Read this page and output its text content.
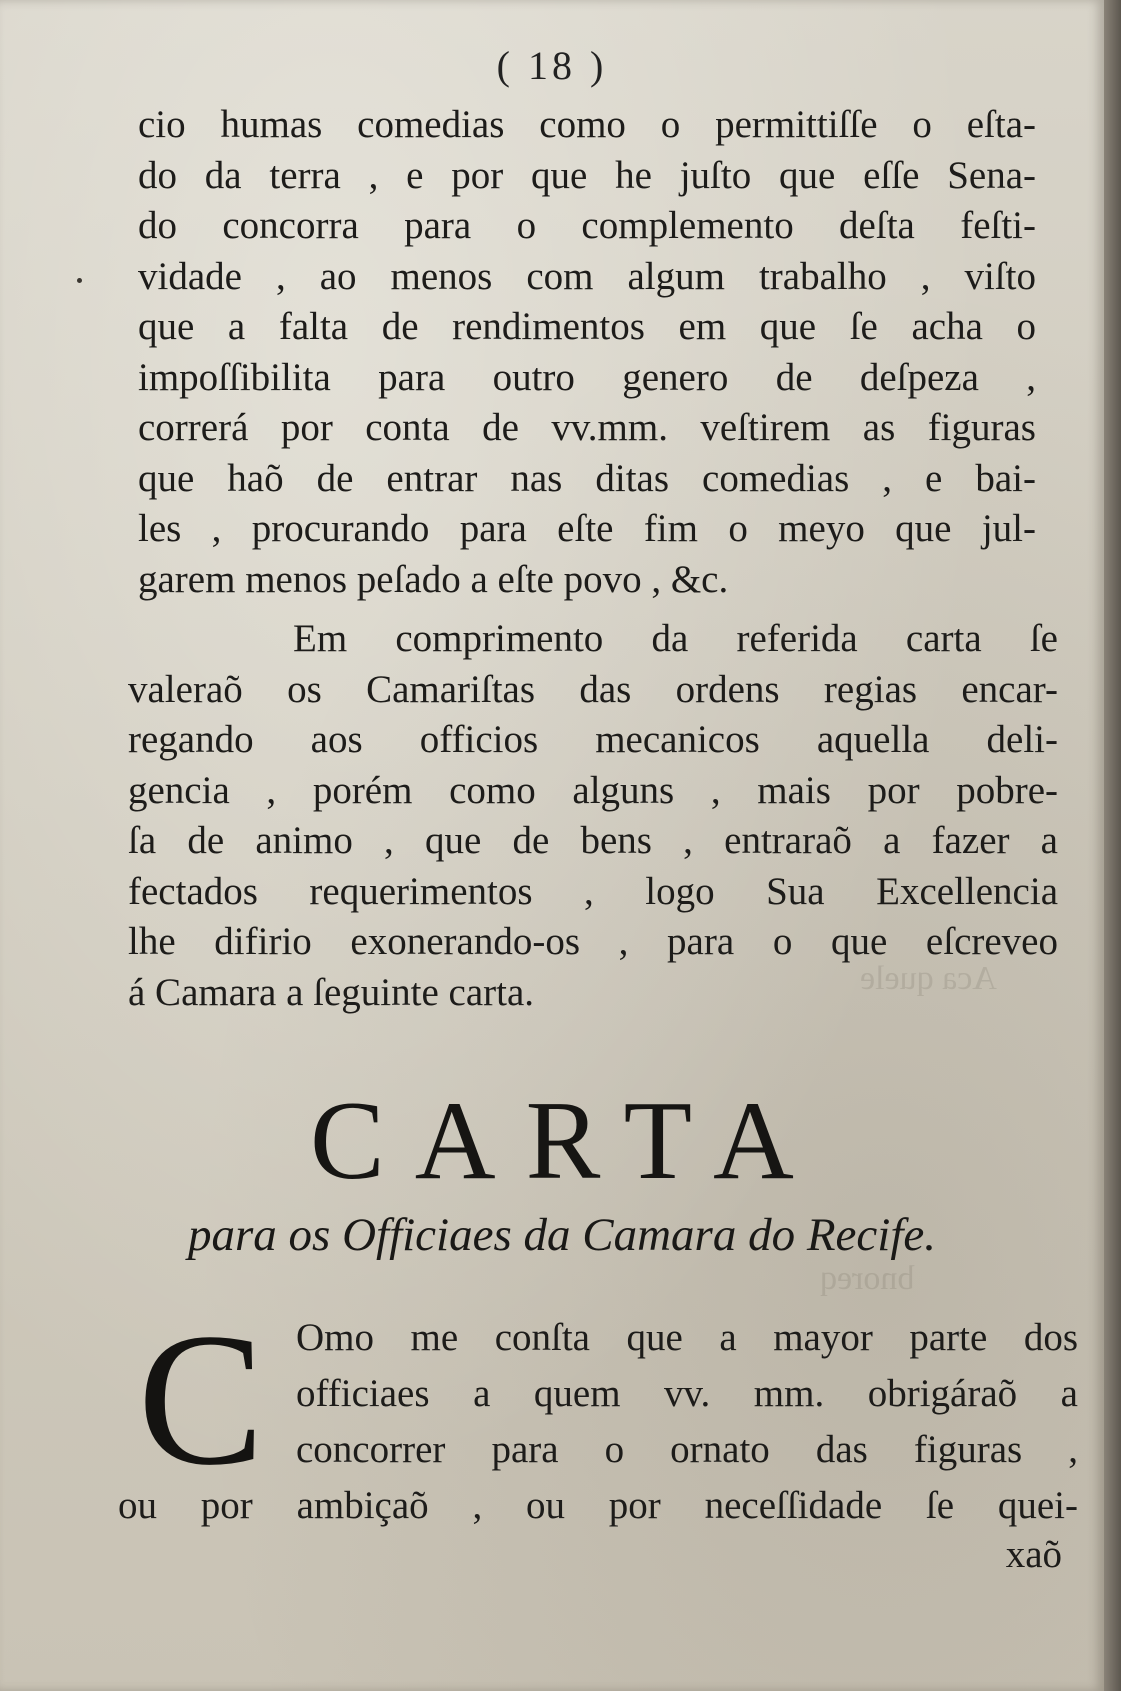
Aca quele
bnoreq
( 18 )
cio humas comedias como o permittiſſe o eſta-
do da terra , e por que he juſto que eſſe Sena-
do concorra para o complemento deſta feſti-
vidade , ao menos com algum trabalho , viſto
que a falta de rendimentos em que ſe acha o
impoſſibilita para outro genero de deſpeza ,
correrá por conta de vv.mm. veſtirem as figuras
que haõ de entrar nas ditas comedias , e bai-
les , procurando para eſte fim o meyo que jul-
garem menos peſado a eſte povo , &c.
Em comprimento da referida carta ſe
valeraõ os Camariſtas das ordens regias encar-
regando aos officios mecanicos aquella deli-
gencia , porém como alguns , mais por pobre-
ſa de animo , que de bens , entraraõ a fazer a
fectados requerimentos , logo Sua Excellencia
lhe difirio exonerando-os , para o que eſcreveo
á Camara a ſeguinte carta.
CARTA
para os Officiaes da Camara do Recife.
C Omo me conſta que a mayor parte dos
officiaes a quem vv. mm. obrigáraõ a
concorrer para o ornato das figuras ,
ou por ambiçaõ , ou por neceſſidade ſe quei-
xaõ
